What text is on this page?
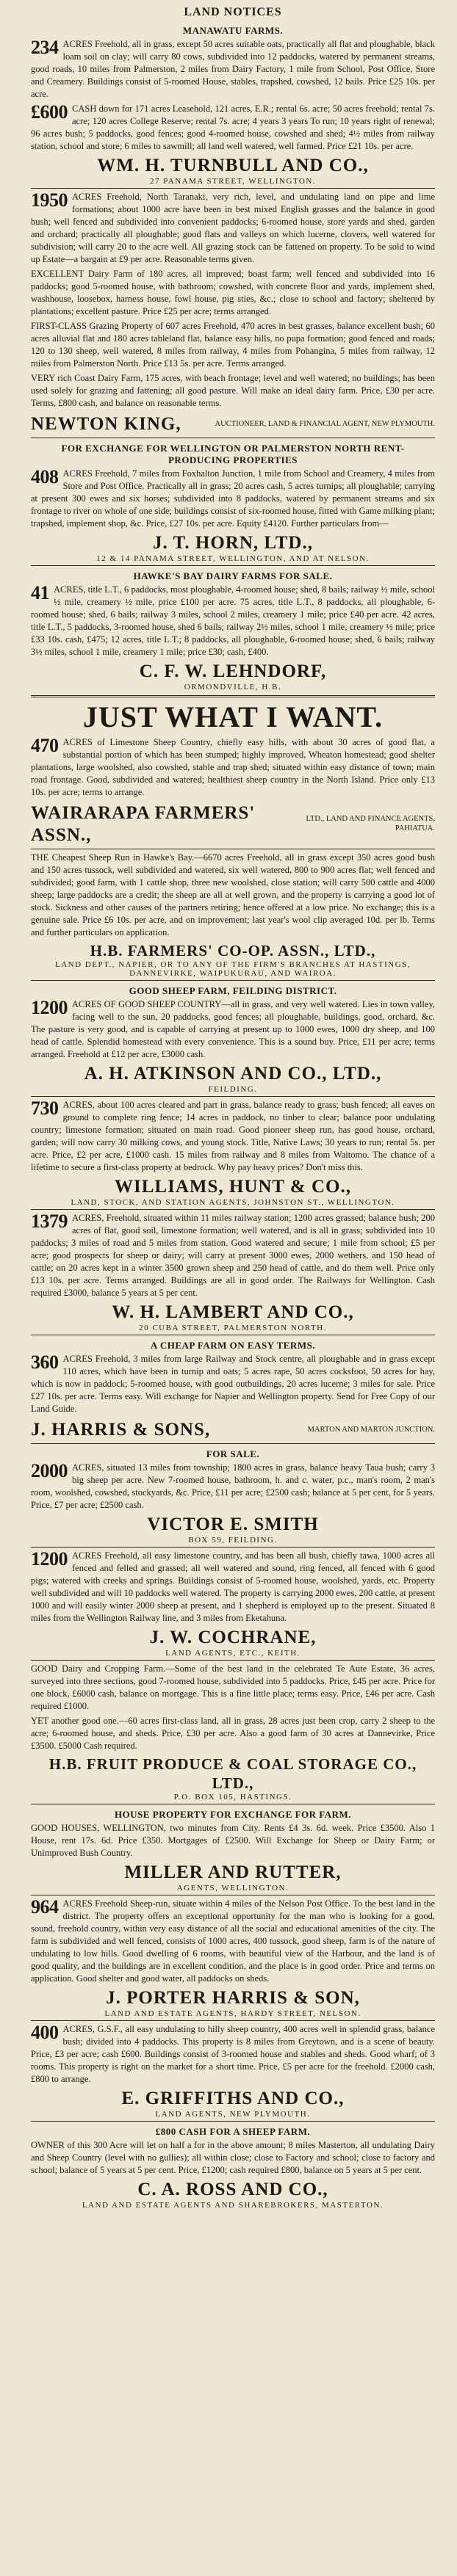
LAND NOTICES
MANAWATU FARMS.
234 ACRES Freehold, all in grass, except 50 acres suitable oats, practically all flat and ploughable, black loam soil on clay; will carry 80 cows, subdivided into 12 paddocks, watered by permanent streams, good roads, 10 miles from Palmerston, 2 miles from Dairy Factory, 1 mile from School, Post Office, Store and Creamery. Buildings consist of 5-roomed House, stables, trapshed, cowshed, 12 bails. Price £25 10s. per acre.

£600 CASH down for 171 acres Leasehold, 121 acres, E.R.; rental 6s. acre; 50 acres freehold; rental 7s. acre; 120 acres College Reserve; rental 7s. acre; 4 years 3 years To run; 10 years right of renewal; 96 acres bush; 5 paddocks, good fences; good 4-roomed house, cowshed and shed; 4½ miles from railway station, school and store; 6 miles to sawmill; all land well watered, well farmed. Price £21 10s. per acre.

WM. H. TURNBULL AND CO.,
27 PANAMA STREET, WELLINGTON.
1950 ACRES Freehold, North Taranaki, very rich, level, and undulating land on pipe and lime formations; about 1000 acre have been in best mixed English grasses and the balance in good bush; well fenced and subdivided into convenient paddocks; 6-roomed house, store yards and shed, garden and orchard; practically all ploughable; good flats and valleys on which lucerne, clovers, well watered for subdivision; will carry 20 to the acre well. All grazing stock can be fattened on property. To be sold to wind up Estate—a bargain at £9 per acre. Reasonable terms given.

EXCELLENT Dairy Farm of 180 acres, all improved; boast farm; well fenced and subdivided into 16 paddocks; good 5-roomed house, with bathroom; cowshed, with concrete floor and yards, implement shed, washhouse, loosebox, harness house, fowl house, pig sties, &c.; close to school and factory; sheltered by plantations; excellent pasture. Price £25 per acre; terms arranged.

FIRST-CLASS Grazing Property of 607 acres Freehold, 470 acres in best grasses, balance excellent bush; 60 acres alluvial flat and 180 acres tableland flat, balance easy hills, no pupa formation; good fenced and roads; 120 to 130 sheep, well watered, 8 miles from railway, 4 miles from Pohangina, 5 miles from railway, 12 miles from Palmerston North. Price £13 5s. per acre. Terms arranged.

VERY rich Coast Dairy Farm, 175 acres, with beach frontage; level and well watered; no buildings; has been used solely for grazing and fattening; all good pasture. Will make an ideal dairy farm. Price, £30 per acre. Terms, £800 cash, and balance on reasonable terms.

NEWTON KING,	AUCTIONEER, LAND & FINANCIAL AGENT, NEW PLYMOUTH.
FOR EXCHANGE FOR WELLINGTON OR PALMERSTON NORTH RENT-PRODUCING PROPERTIES
408 ACRES Freehold, 7 miles from Foxhalton Junction, 1 mile from School and Creamery, 4 miles from Store and Post Office. Practically all in grass; 20 acres cash, 5 acres turnips; all ploughable; carrying at present 300 ewes and six horses; subdivided into 8 paddocks, watered by permanent streams and six frontage to river on whole of one side; buildings consist of six-roomed house, fitted with Game milking plant; trapshed, implement shop, &c. Price, £27 10s. per acre. Equity £4120. Further particulars from—

J. T. HORN, LTD.,
12 & 14 PANAMA STREET, WELLINGTON, AND AT NELSON.
HAWKE'S BAY DAIRY FARMS FOR SALE.
41 ACRES, title L.T., 6 paddocks, most ploughable, 4-roomed house; shed, 8 bails; railway ½ mile, school ½ mile, creamery ½ mile, price £100 per acre. 75 acres, title L.T., 8 paddocks, all ploughable, 6-roomed house; shed, 6 bails; railway 3 miles, school 2 miles, creamery 1 mile; price £40 per acre. 42 acres, title L.T., 5 paddocks, 3-roomed house, shed 6 bails; railway 2½ miles, school 1 mile, creamery ½ mile; price £33 10s. cash, £475; 12 acres, title L.T.; 8 paddocks, all ploughable, 6-roomed house; shed, 6 bails; railway 3½ miles, school 1 mile, creamery 1 mile; price £30; cash, £400.

C. F. W. LEHNDORF,
ORMONDVILLE, H.B.
JUST WHAT I WANT.
470 ACRES of Limestone Sheep Country, chiefly easy hills, with about 30 acres of good flat, a substantial portion of which has been stumped; highly improved, Wheaton homestead; good shelter plantations, large woolshed, also cowshed, stable and trap shed; situated within easy distance of town; main road frontage. Good, subdivided and watered; healthiest sheep country in the North Island. Price only £13 10s. per acre; terms to arrange.

WAIRARAPA FARMERS' ASSN.,
LTD., LAND AND FINANCE AGENTS, PAHIATUA.

THE Cheapest Sheep Run in Hawke's Bay.—6670 acres Freehold, all in grass except 350 acres good bush and 150 acres tussock, well subdivided and watered, six well watered, 800 to 900 acres flat; well fenced and subdivided; good farm, with 1 cattle shop, three new woolshed, close station; will carry 500 cattle and 4000 sheep; large paddocks are a credit; the sheep are all at well grown, and the property is carrying a good lot of stock. Sickness and other causes of the partners retiring; hence offered at a low price. No exchange; this is a genuine sale. Price £6 10s. per acre, and on improvement; last year's wool clip averaged 10d. per lb. Terms and further particulars on application.

H.B. FARMERS' CO-OP. ASSN., LTD.,
LAND DEPT., NAPIER, OR TO ANY OF THE FIRM'S BRANCHES AT HASTINGS, DANNEVIRKE, WAIPUKURAU, AND WAIROA.
GOOD SHEEP FARM, FEILDING DISTRICT.
1200 ACRES OF GOOD SHEEP COUNTRY—all in grass, and very well watered. Lies in town valley, facing well to the sun, 20 paddocks, good fences; all ploughable, buildings, good, orchard, &c. The pasture is very good, and is capable of carrying at present up to 1000 ewes, 1000 dry sheep, and 100 head of cattle. Splendid homestead with every convenience. This is a sound buy. Price, £11 per acre; terms arranged. Freehold at £12 per acre, £3000 cash.

A. H. ATKINSON AND CO., LTD.,
FEILDING.
730 ACRES, about 100 acres cleared and part in grass, balance ready to grass; bush fenced; all eaves on ground to complete ring fence; 14 acres in paddock, no tinber to clear; balance poor undulating country; limestone formation; situated on main road. Good pioneer sheep run, has good house, orchard, garden; will now carry 30 milking cows, and young stock. Title, Native Laws; 30 years to run; rental 5s. per acre. Price, £2 per acre, £1000 cash. 15 miles from railway and 8 miles from Waitomo. The chance of a lifetime to secure a first-class property at bedrock. Why pay heavy prices? Don't miss this.

WILLIAMS, HUNT & CO.,
LAND, STOCK, AND STATION AGENTS, JOHNSTON ST., WELLINGTON.
1379 ACRES, Freehold, situated within 11 miles railway station; 1200 acres grassed; balance bush; 200 acres of flat, good soil, limestone formation; well watered, and is all in grass; subdivided into 10 paddocks; 3 miles of road and 5 miles from station. Good watered and secure; 1 mile from school; £5 per acre; good prospects for sheep or dairy; will carry at present 3000 ewes, 2000 wethers, and 150 head of cattle; on 20 acres kept in a winter 3500 grown sheep and 250 head of cattle, and do them well. Price only £13 10s. per acre. Terms arranged. Buildings are all in good order. The Railways for Wellington. Cash required £3000, balance 5 years at 5 per cent.

W. H. LAMBERT AND CO.,
20 CUBA STREET, PALMERSTON NORTH.
A CHEAP FARM ON EASY TERMS.
360 ACRES Freehold, 3 miles from large Railway and Stock centre, all ploughable and in grass except 110 acres, which have been in turnip and oats; 5 acres rape, 50 acres cocksfoot, 50 acres for hay, which is now in paddock; 5-roomed house, with good outbuildings, 20 acres lucerne; 3 miles for sale. Price £27 10s. per acre. Terms easy. Will exchange for Napier and Wellington property. Send for Free Copy of our Land Guide.

J. HARRIS & SONS,	MARTON AND MARTON JUNCTION.
FOR SALE.
2000 ACRES, situated 13 miles from township; 1800 acres in grass, balance heavy Taua bush; carry 3 big sheep per acre. New 7-roomed house, bathroom, h. and c. water, p.c., man's room, 2 man's room, woolshed, cowshed, stockyards, &c. Price, £11 per acre; £2500 cash; balance at 5 per cent, for 5 years. Price, £7 per acre; £2500 cash.

VICTOR E. SMITH
BOX 59, FEILDING.
1200 ACRES Freehold, all easy limestone country, and has been all bush, chiefly tawa, 1000 acres all fenced and felled and grassed; all well watered and sound, ring fenced, all fenced with 6 good pigs; watered with creeks and springs. Buildings consist of 5-roomed house, woolshed, yards, etc. Property well subdivided and will 10 paddocks well watered. The property is carrying 2000 ewes, 200 cattle, at present 1000 and will easily winter 2000 sheep at present, and 1 shepherd is employed up to the present. Situated 8 miles from the Wellington Railway line, and 3 miles from Eketahuna.

J. W. COCHRANE,
LAND AGENTS, ETC., KEITH.

GOOD Dairy and Cropping Farm.—Some of the best land in the celebrated Te Aute Estate, 36 acres, surveyed into three sections, good 7-roomed house, subdivided into 5 paddocks. Price, £45 per acre. Price for one block, £6000 cash, balance on mortgage. This is a fine little place; terms easy. Price, £46 per acre. Cash required £1000.

YET another good one.—60 acres first-class land, all in grass, 28 acres just been crop, carry 2 sheep to the acre; 6-roomed house, and sheds. Price, £30 per acre. Also a good farm of 30 acres at Dannevirke, Price £3500. £5000 Cash required.

H.B. FRUIT PRODUCE & COAL STORAGE CO., LTD.,
P.O. BOX 105, HASTINGS.
HOUSE PROPERTY FOR EXCHANGE FOR FARM.

GOOD HOUSES, WELLINGTON, two minutes from City. Rents £4 3s. 6d. week. Price £3500. Also 1 House, rent 17s. 6d. Price £350. Mortgages of £2500. Will Exchange for Sheep or Dairy Farm; or Unimproved Bush Country.

MILLER AND RUTTER,
AGENTS, WELLINGTON.
964 ACRES Freehold Sheep-run, situate within 4 miles of the Nelson Post Office. To the best land in the district. The property offers an exceptional opportunity for the man who is looking for a good, sound, freehold country, within very easy distance of all the social and educational amenities of the city. The farm is subdivided and well fenced, consists of 1000 acres, 400 tussock, good sheep, farm is of the nature of undulating to low hills. Good dwelling of 6 rooms, with beautiful view of the Harbour, and the land is of good quality, and the buildings are in excellent condition, and the place is in good order. Price and terms on application. Good shelter and good water, all paddocks on sheds.

J. PORTER HARRIS & SON,
LAND AND ESTATE AGENTS, HARDY STREET, NELSON.
400 ACRES, G.S.F., all easy undulating to hilly sheep country, 400 acres well in splendid grass, balance bush; divided into 4 paddocks. This property is 8 miles from Greytown, and is a scene of beauty. Price, £3 per acre; cash £600. Buildings consist of 3-roomed house and stables and sheds. Good wharf; of 3 rooms. This property is right on the market for a short time. Price, £5 per acre for the freehold. £2000 cash, £800 to arrange.

E. GRIFFITHS AND CO.,
LAND AGENTS, NEW PLYMOUTH.
£800 CASH FOR A SHEEP FARM.

OWNER of this 300 Acre will let on half a for in the above amount; 8 miles Masterton, all undulating Dairy and Sheep Country (level with no gullies); all within close; close to Factory and school; close to factory and school; balance of 5 years at 5 per cent. Price, £1200; cash required £800, balance on 5 years at 5 per cent.

C. A. ROSS AND CO.,
LAND AND ESTATE AGENTS AND SHAREBROKERS, MASTERTON.
